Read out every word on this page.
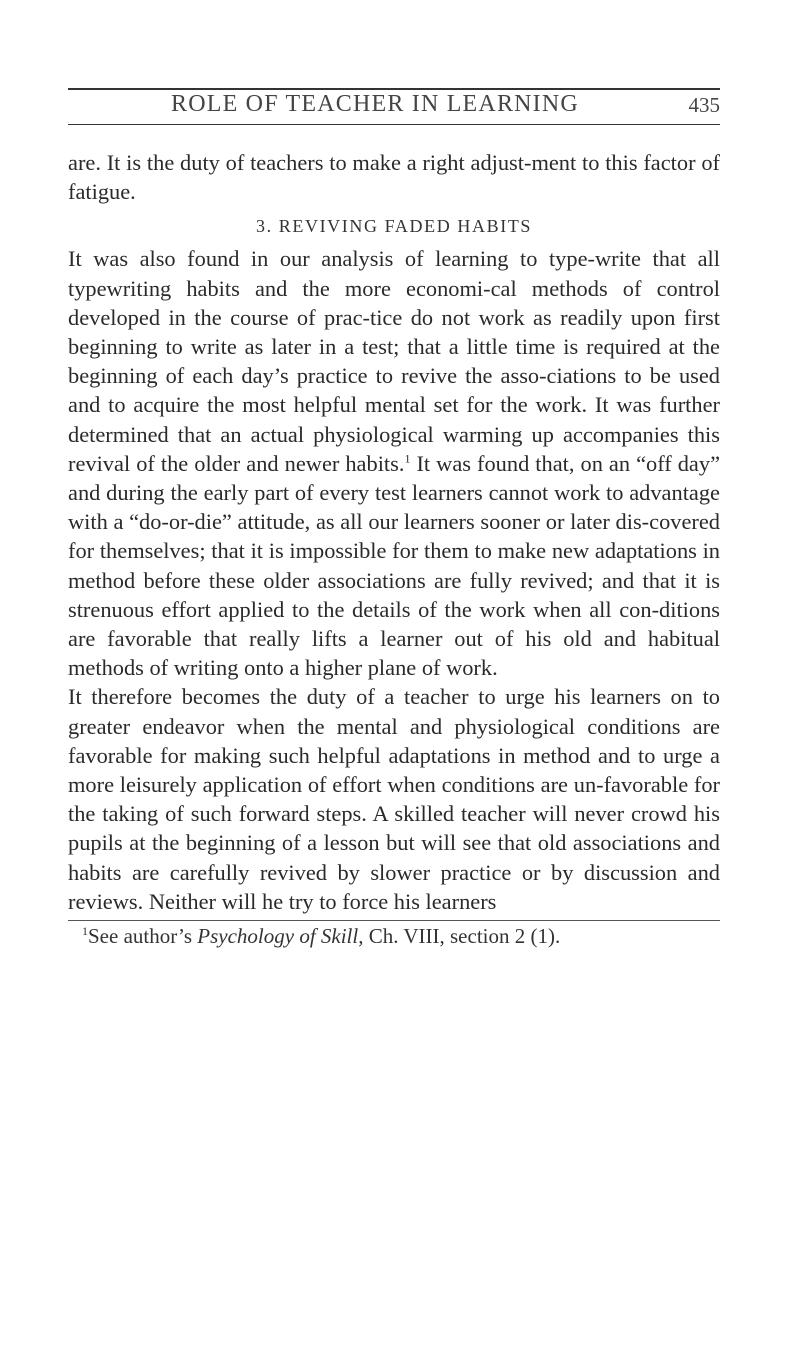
ROLE OF TEACHER IN LEARNING	435

are. It is the duty of teachers to make a right adjust-ment to this factor of fatigue.

3. REVIVING FADED HABITS

It was also found in our analysis of learning to type-write that all typewriting habits and the more economi-cal methods of control developed in the course of prac-tice do not work as readily upon first beginning to write as later in a test; that a little time is required at the beginning of each day’s practice to revive the asso-ciations to be used and to acquire the most helpful mental set for the work. It was further determined that an actual physiological warming up accompanies this revival of the older and newer habits.$^1$ It was found that, on an “off day” and during the early part of every test learners cannot work to advantage with a “do-or-die” attitude, as all our learners sooner or later dis-covered for themselves; that it is impossible for them to make new adaptations in method before these older associations are fully revived; and that it is strenuous effort applied to the details of the work when all con-ditions are favorable that really lifts a learner out of his old and habitual methods of writing onto a higher plane of work.

It therefore becomes the duty of a teacher to urge his learners on to greater endeavor when the mental and physiological conditions are favorable for making such helpful adaptations in method and to urge a more leisurely application of effort when conditions are un-favorable for the taking of such forward steps. A skilled teacher will never crowd his pupils at the beginning of a lesson but will see that old associations and habits are carefully revived by slower practice or by discussion and reviews. Neither will he try to force his learners

$^1$See author’s Psychology of Skill, Ch. VIII, section 2 (1).
